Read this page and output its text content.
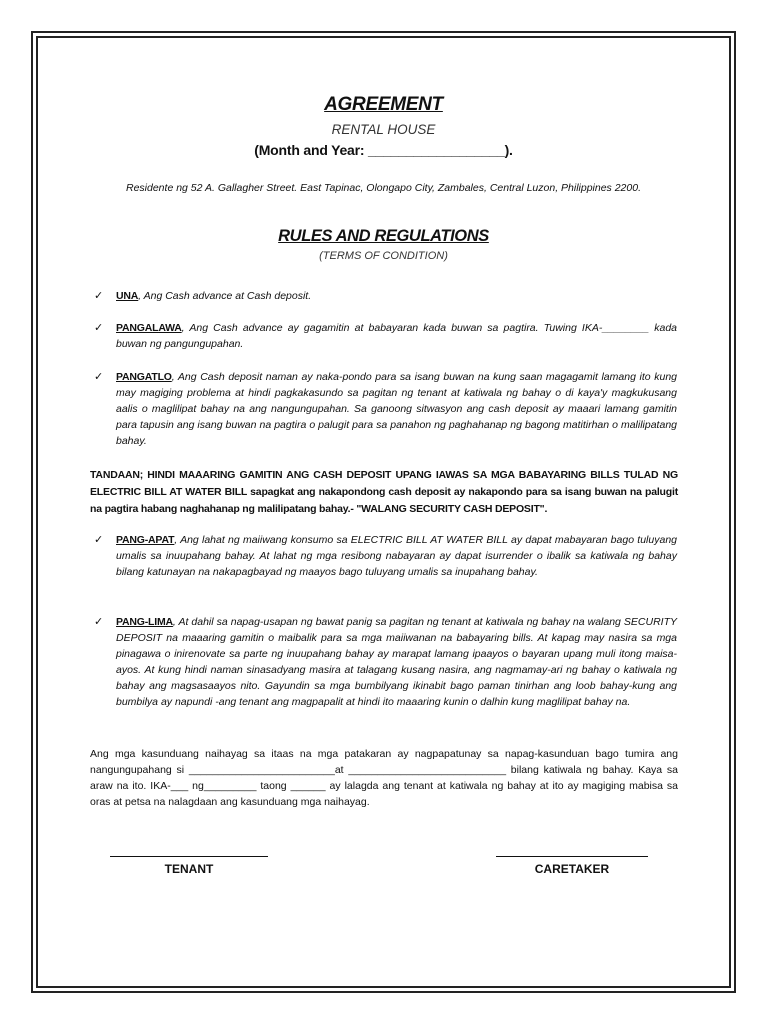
AGREEMENT
RENTAL HOUSE
(Month and Year: __________________).
Residente ng 52 A. Gallagher Street. East Tapinac, Olongapo City, Zambales, Central Luzon, Philippines 2200.
RULES AND REGULATIONS
(TERMS OF CONDITION)
✓ UNA, Ang Cash advance at Cash deposit.
✓ PANGALAWA, Ang Cash advance ay gagamitin at babayaran kada buwan sa pagtira. Tuwing IKA-________ kada buwan ng pangungupahan.
✓ PANGATLO, Ang Cash deposit naman ay naka-pondo para sa isang buwan na kung saan magagamit lamang ito kung may magiging problema at hindi pagkakasundo sa pagitan ng tenant at katiwala ng bahay o di kaya'y magkukusang aalis o maglilipat bahay na ang nangungupahan. Sa ganoong sitwasyon ang cash deposit ay maaari lamang gamitin para tapusin ang isang buwan na pagtira o palugit para sa panahon ng paghahanap ng bagong matitirhan o malilipatang bahay.
TANDAAN; HINDI MAAARING GAMITIN ANG CASH DEPOSIT UPANG IAWAS SA MGA BABAYARING BILLS TULAD NG ELECTRIC BILL AT WATER BILL sapagkat ang nakapondong cash deposit ay nakapondo para sa isang buwan na palugit na pagtira habang naghahanap ng malilipatang bahay.- "WALANG SECURITY CASH DEPOSIT".
✓ PANG-APAT, Ang lahat ng maiiwang konsumo sa ELECTRIC BILL AT WATER BILL ay dapat mabayaran bago tuluyang umalis sa inuupahang bahay. At lahat ng mga resibong nabayaran ay dapat isurrender o ibalik sa katiwala ng bahay bilang katunayan na nakapagbayad ng maayos bago tuluyang umalis sa inupahang bahay.
✓ PANG-LIMA, At dahil sa napag-usapan ng bawat panig sa pagitan ng tenant at katiwala ng bahay na walang SECURITY DEPOSIT na maaaring gamitin o maibalik para sa mga maiiwanan na babayaring bills. At kapag may nasira sa mga pinagawa o inirenovate sa parte ng inuupahang bahay ay marapat lamang ipaayos o bayaran upang muli itong maisa-ayos. At kung hindi naman sinasadyang masira at talagang kusang nasira, ang nagmamay-ari ng bahay o katiwala ng bahay ang magsasaayos nito. Gayundin sa mga bumbilyang ikinabit bago paman tinirhan ang loob bahay-kung ang bumbilya ay napundi -ang tenant ang magpapalit at hindi ito maaaring kunin o dalhin kung maglilipat bahay na.
Ang mga kasunduang naihayag sa itaas na mga patakaran ay nagpapatunay sa napag-kasunduan bago tumira ang nangungupahang si _________________________at ___________________________ bilang katiwala ng bahay. Kaya sa araw na ito. IKA-___ ng_________ taong ______ ay lalagda ang tenant at katiwala ng bahay at ito ay magiging mabisa sa oras at petsa na nalagdaan ang kasunduang mga naihayag.
TENANT	CARETAKER
